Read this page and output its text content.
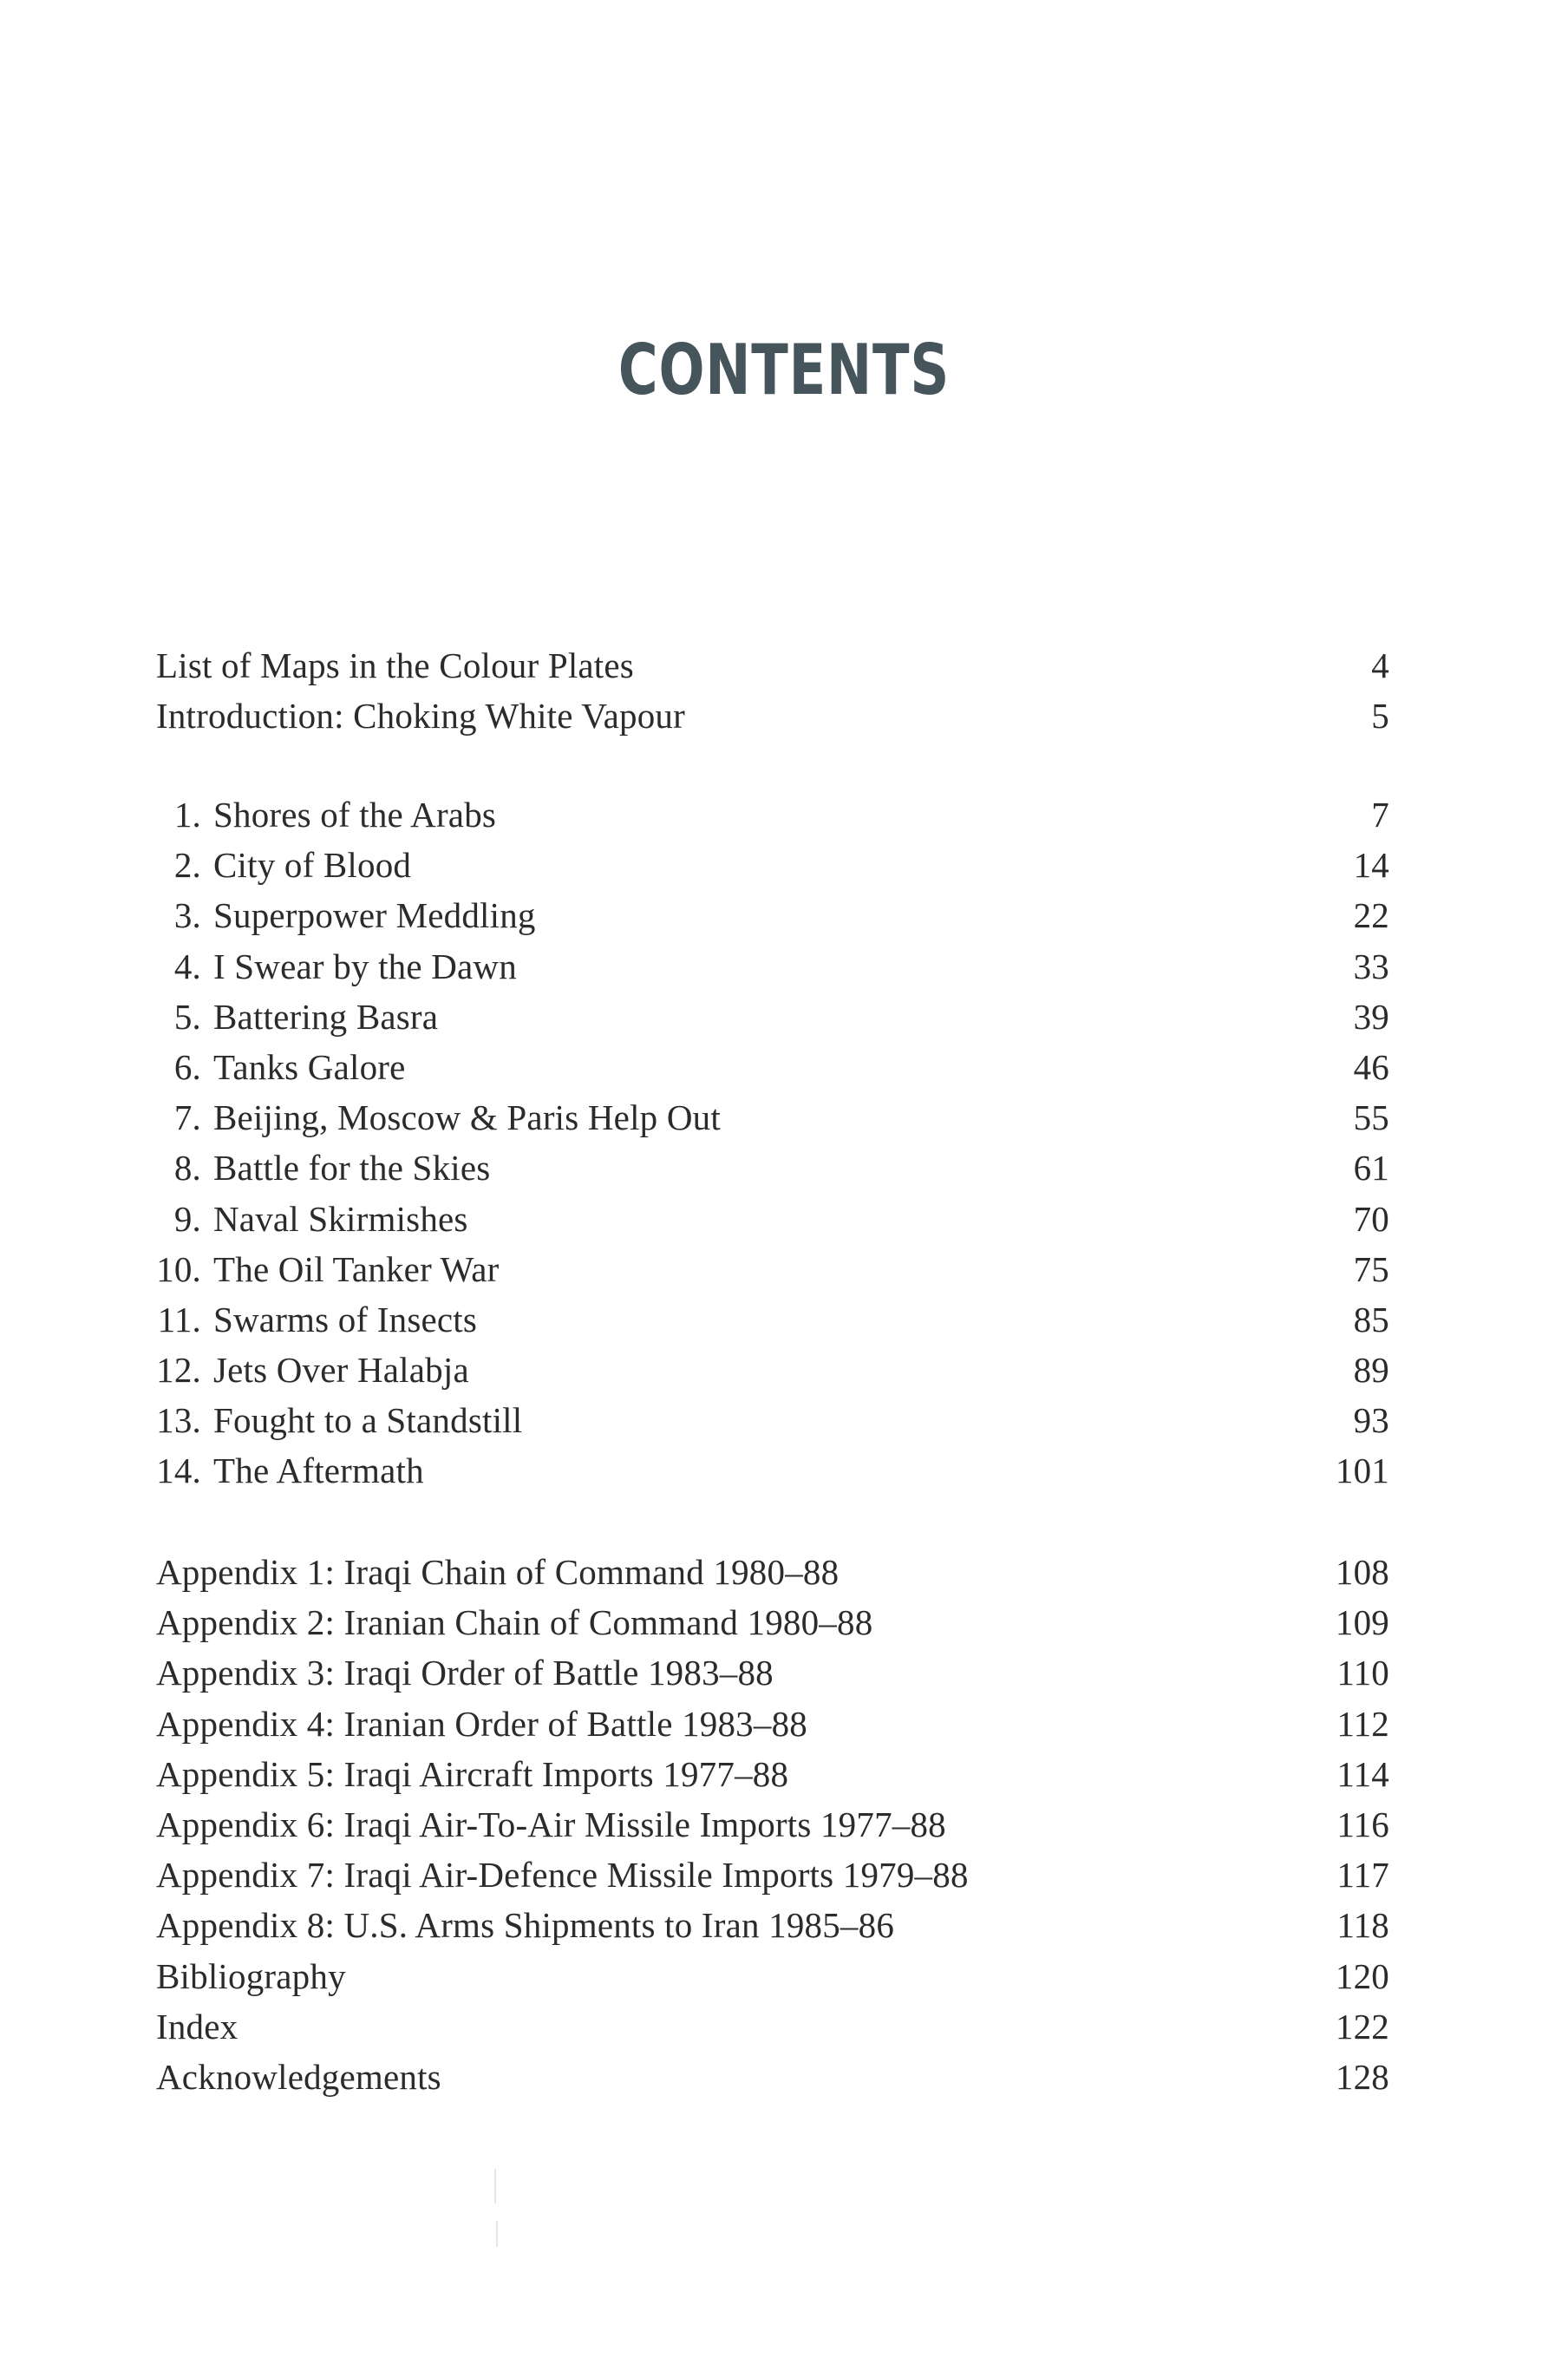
CONTENTS
List of Maps in the Colour Plates	4
Introduction: Choking White Vapour	5
1. Shores of the Arabs	7
2. City of Blood	14
3. Superpower Meddling	22
4. I Swear by the Dawn	33
5. Battering Basra	39
6. Tanks Galore	46
7. Beijing, Moscow & Paris Help Out	55
8. Battle for the Skies	61
9. Naval Skirmishes	70
10. The Oil Tanker War	75
11. Swarms of Insects	85
12. Jets Over Halabja	89
13. Fought to a Standstill	93
14. The Aftermath	101
Appendix 1: Iraqi Chain of Command 1980–88	108
Appendix 2: Iranian Chain of Command 1980–88	109
Appendix 3: Iraqi Order of Battle 1983–88	110
Appendix 4: Iranian Order of Battle 1983–88	112
Appendix 5: Iraqi Aircraft Imports 1977–88	114
Appendix 6: Iraqi Air-To-Air Missile Imports 1977–88	116
Appendix 7: Iraqi Air-Defence Missile Imports 1979–88	117
Appendix 8: U.S. Arms Shipments to Iran 1985–86	118
Bibliography	120
Index	122
Acknowledgements	128
